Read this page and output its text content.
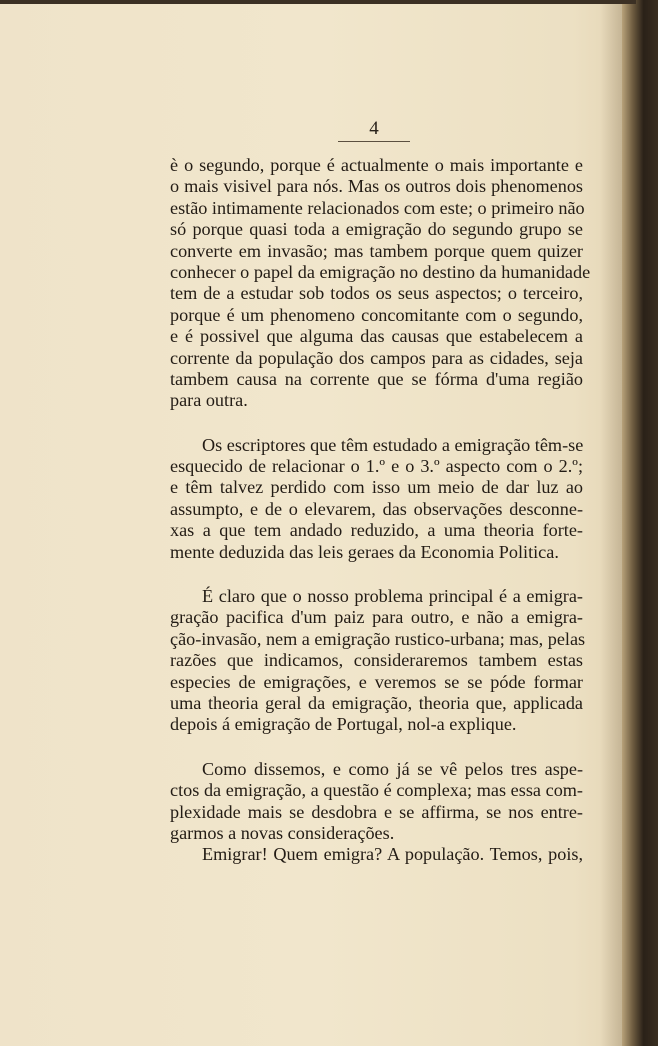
4
è o segundo, porque é actualmente o mais importante e
o mais visivel para nós. Mas os outros dois phenomenos
estão intimamente relacionados com este; o primeiro não
só porque quasi toda a emigração do segundo grupo se
converte em invasão; mas tambem porque quem quizer
conhecer o papel da emigração no destino da humanidade
tem de a estudar sob todos os seus aspectos; o terceiro,
porque é um phenomeno concomitante com o segundo,
e é possivel que alguma das causas que estabelecem a
corrente da população dos campos para as cidades, seja
tambem causa na corrente que se fórma d'uma região
para outra.
Os escriptores que têm estudado a emigração têm-se
esquecido de relacionar o 1.º e o 3.º aspecto com o 2.º;
e têm talvez perdido com isso um meio de dar luz ao
assumpto, e de o elevarem, das observações desconne-
xas a que tem andado reduzido, a uma theoria forte-
mente deduzida das leis geraes da Economia Politica.
É claro que o nosso problema principal é a emigra-
gração pacifica d'um paiz para outro, e não a emigra-
ção-invasão, nem a emigração rustico-urbana; mas, pelas
razões que indicamos, consideraremos tambem estas
especies de emigrações, e veremos se se póde formar
uma theoria geral da emigração, theoria que, applicada
depois á emigração de Portugal, nol-a explique.
Como dissemos, e como já se vê pelos tres aspe-
ctos da emigração, a questão é complexa; mas essa com-
plexidade mais se desdobra e se affirma, se nos entre-
garmos a novas considerações.
Emigrar! Quem emigra? A população. Temos, pois,
